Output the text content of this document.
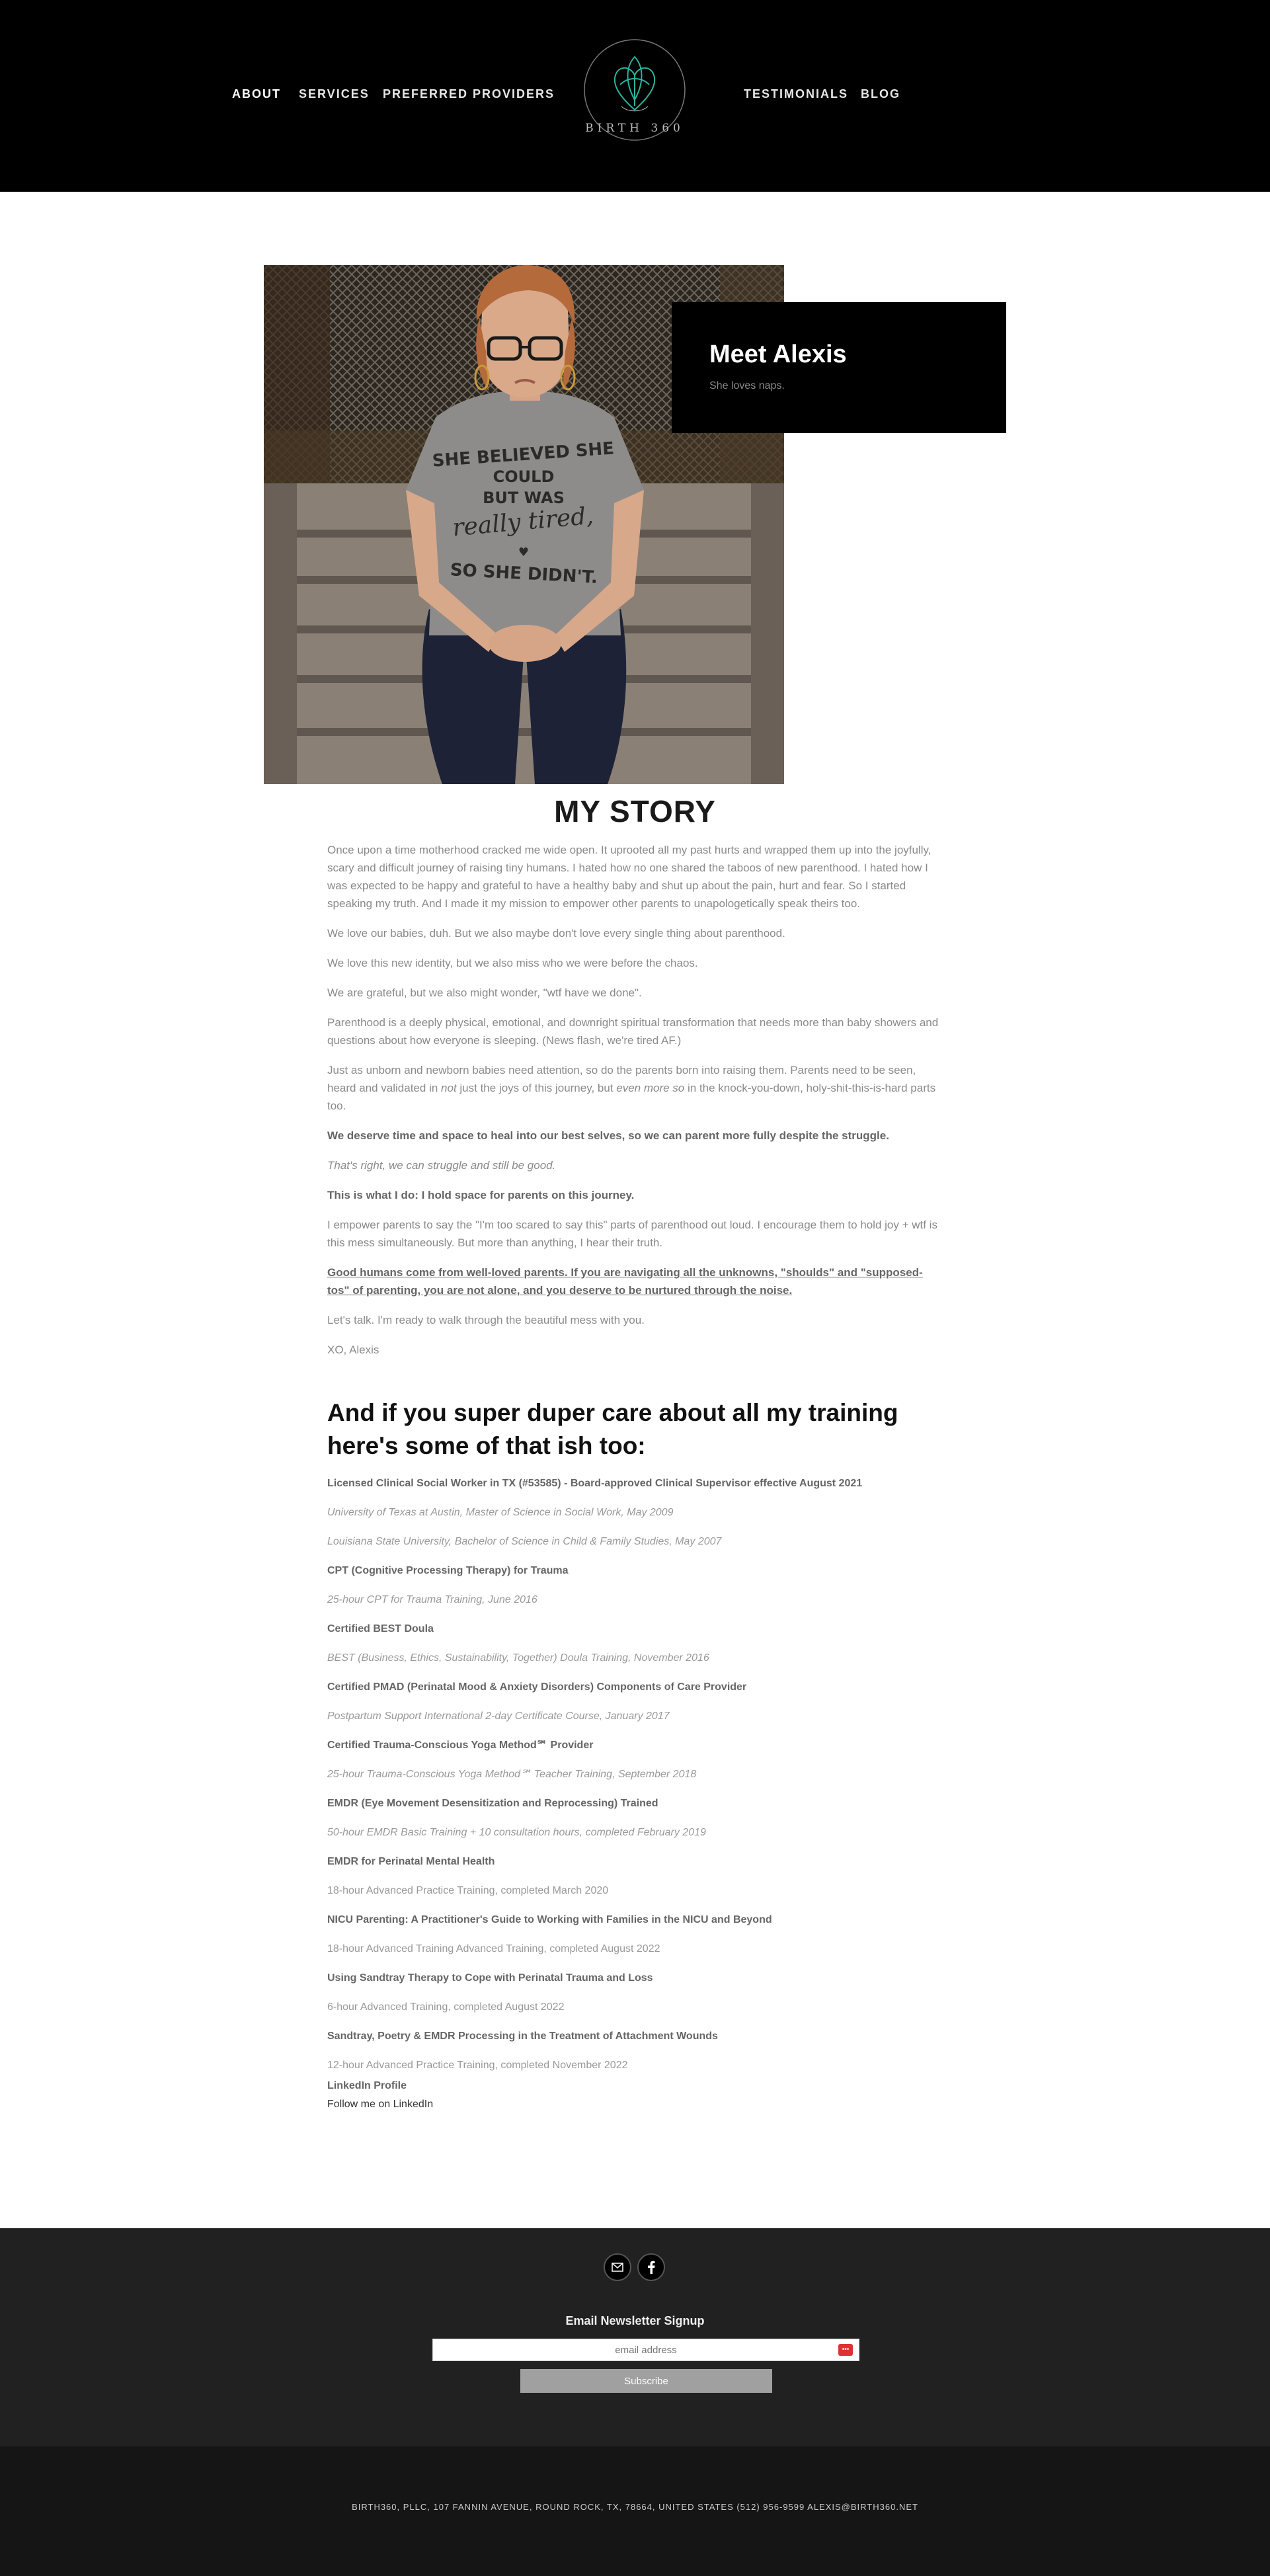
ABOUT SERVICES PREFERRED PROVIDERS	TESTIMONIALS BLOG
BIRTH 360
SHE BELIEVED SHE
COULD
BUT WAS
really tired,
♥
SO SHE DIDN'T.
Meet Alexis

She loves naps.

MY STORY

Once upon a time motherhood cracked me wide open. It uprooted all my past hurts and wrapped them up into the joyfully, scary and difficult journey of raising tiny humans. I hated how no one shared the taboos of new parenthood. I hated how I was expected to be happy and grateful to have a healthy baby and shut up about the pain, hurt and fear. So I started speaking my truth. And I made it my mission to empower other parents to unapologetically speak theirs too.

We love our babies, duh. But we also maybe don't love every single thing about parenthood.

We love this new identity, but we also miss who we were before the chaos.

We are grateful, but we also might wonder, "wtf have we done".

Parenthood is a deeply physical, emotional, and downright spiritual transformation that needs more than baby showers and questions about how everyone is sleeping. (News flash, we're tired AF.)

Just as unborn and newborn babies need attention, so do the parents born into raising them. Parents need to be seen, heard and validated in not just the joys of this journey, but even more so in the knock-you-down, holy-shit-this-is-hard parts too.

We deserve time and space to heal into our best selves, so we can parent more fully despite the struggle.

That's right, we can struggle and still be good.

This is what I do: I hold space for parents on this journey.

I empower parents to say the "I'm too scared to say this" parts of parenthood out loud. I encourage them to hold joy + wtf is this mess simultaneously. But more than anything, I hear their truth.

Good humans come from well-loved parents. If you are navigating all the unknowns, "shoulds" and "supposed-tos" of parenting, you are not alone, and you deserve to be nurtured through the noise.

Let's talk. I'm ready to walk through the beautiful mess with you.

XO, Alexis

And if you super duper care about all my training here's some of that ish too:

Licensed Clinical Social Worker in TX (#53585) - Board-approved Clinical Supervisor effective August 2021

University of Texas at Austin, Master of Science in Social Work, May 2009

Louisiana State University, Bachelor of Science in Child & Family Studies, May 2007

CPT (Cognitive Processing Therapy) for Trauma

25-hour CPT for Trauma Training, June 2016

Certified BEST Doula

BEST (Business, Ethics, Sustainability, Together) Doula Training, November 2016

Certified PMAD (Perinatal Mood & Anxiety Disorders) Components of Care Provider

Postpartum Support International 2-day Certificate Course, January 2017

Certified Trauma-Conscious Yoga Method℠ Provider

25-hour Trauma-Conscious Yoga Method℠ Teacher Training, September 2018

EMDR (Eye Movement Desensitization and Reprocessing) Trained

50-hour EMDR Basic Training + 10 consultation hours, completed February 2019

EMDR for Perinatal Mental Health

18-hour Advanced Practice Training, completed March 2020

NICU Parenting: A Practitioner's Guide to Working with Families in the NICU and Beyond

18-hour Advanced Training Advanced Training, completed August 2022

Using Sandtray Therapy to Cope with Perinatal Trauma and Loss

6-hour Advanced Training, completed August 2022

Sandtray, Poetry & EMDR Processing in the Treatment of Attachment Wounds

12-hour Advanced Practice Training, completed November 2022

LinkedIn Profile
Follow me on LinkedIn
Email Newsletter Signup
email address
•••
Subscribe

BIRTH360, PLLC, 107 FANNIN AVENUE, ROUND ROCK, TX, 78664, UNITED STATES (512) 956-9599 ALEXIS@BIRTH360.NET
